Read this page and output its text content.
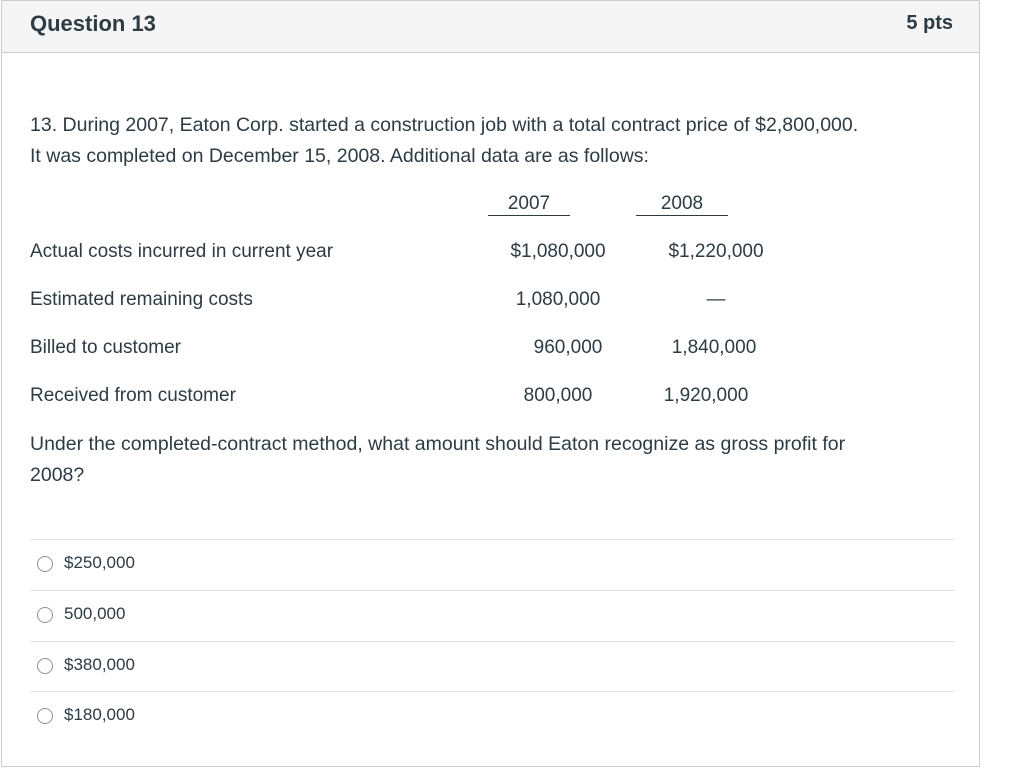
Question 13	5 pts
13. During 2007, Eaton Corp. started a construction job with a total contract price of $2,800,000.
It was completed on December 15, 2008. Additional data are as follows:
2007	2008
Actual costs incurred in current year	$1,080,000	$1,220,000
Estimated remaining costs	1,080,000	—
Billed to customer	960,000	1,840,000
Received from customer	800,000	1,920,000
Under the completed-contract method, what amount should Eaton recognize as gross profit for
2008?
$250,000
500,000
$380,000
$180,000
